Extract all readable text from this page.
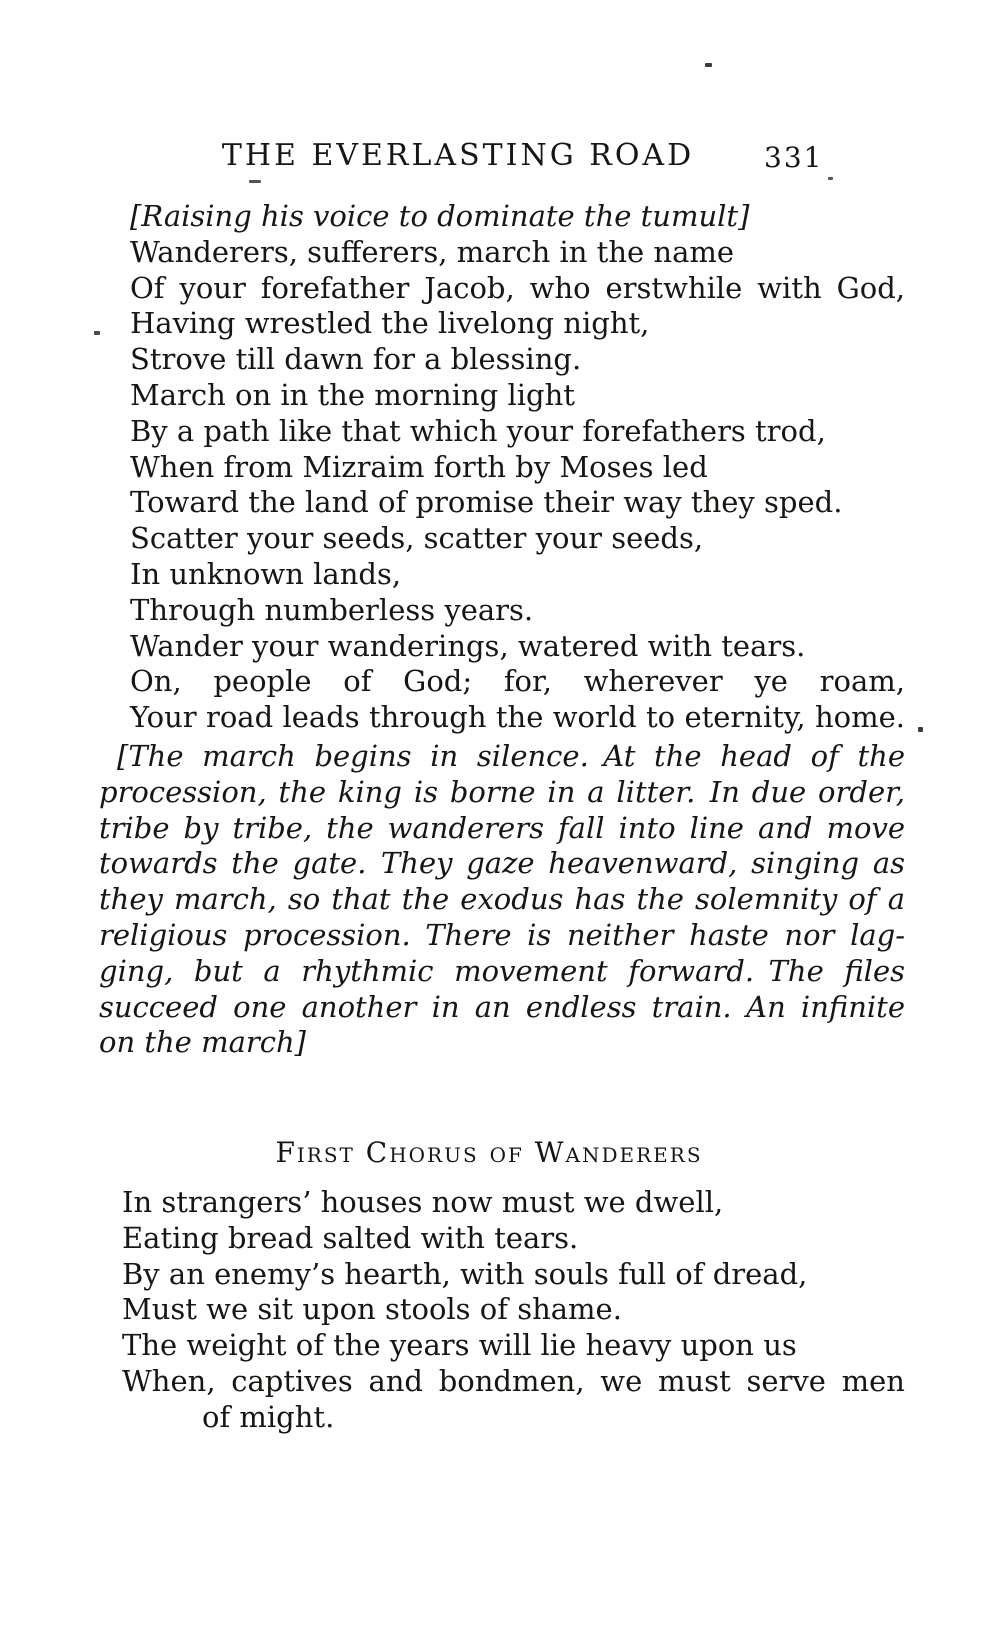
THE EVERLASTING ROAD 331
[Raising his voice to dominate the tumult]
Wanderers, sufferers, march in the name
Of your forefather Jacob, who erstwhile with God,
Having wrestled the livelong night,
Strove till dawn for a blessing.
March on in the morning light
By a path like that which your forefathers trod,
When from Mizraim forth by Moses led
Toward the land of promise their way they sped.
Scatter your seeds, scatter your seeds,
In unknown lands,
Through numberless years.
Wander your wanderings, watered with tears.
On, people of God; for, wherever ye roam,
Your road leads through the world to eternity, home.
[The march begins in silence. At the head of the
procession, the king is borne in a litter. In due order,
tribe by tribe, the wanderers fall into line and move
towards the gate. They gaze heavenward, singing as
they march, so that the exodus has the solemnity of a
religious procession. There is neither haste nor lag-
ging, but a rhythmic movement forward. The files
succeed one another in an endless train. An infinite
on the march]
First Chorus of Wanderers
In strangers’ houses now must we dwell,
Eating bread salted with tears.
By an enemy’s hearth, with souls full of dread,
Must we sit upon stools of shame.
The weight of the years will lie heavy upon us
When, captives and bondmen, we must serve men
of might.
